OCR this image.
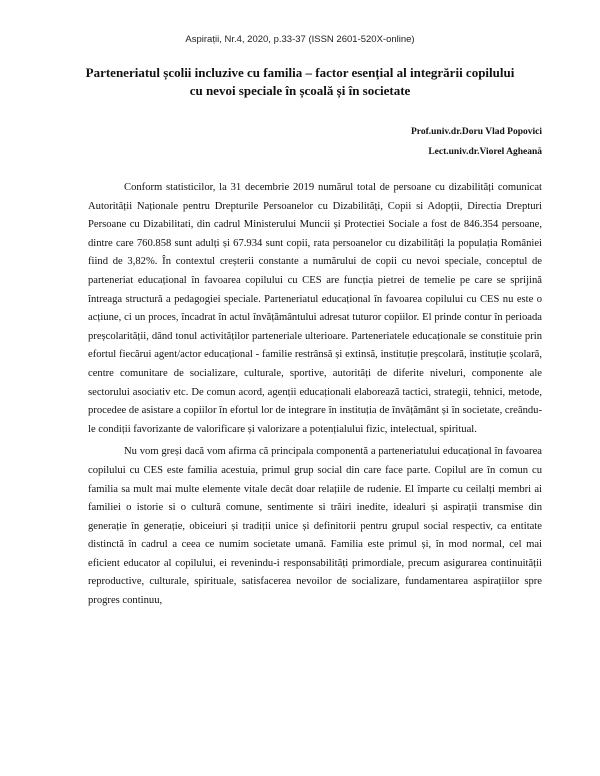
Aspirații, Nr.4, 2020, p.33-37 (ISSN 2601-520X-online)
Parteneriatul școlii incluzive cu familia – factor esențial al integrării copilului
cu nevoi speciale în școală și în societate
Prof.univ.dr.Doru Vlad Popovici
Lect.univ.dr.Viorel Agheană

Conform statisticilor, la 31 decembrie 2019 numărul total de persoane cu dizabilități comunicat Autorității Naționale pentru Drepturile Persoanelor cu Dizabilități, Copii si Adopții, Directia Drepturi Persoane cu Dizabilitati, din cadrul Ministerului Muncii și Protectiei Sociale a fost de 846.354 persoane, dintre care 760.858 sunt adulți și 67.934 sunt copii, rata persoanelor cu dizabilități la populația României fiind de 3,82%. În contextul creșterii constante a numărului de copii cu nevoi speciale, conceptul de parteneriat educațional în favoarea copilului cu CES are funcția pietrei de temelie pe care se sprijină întreaga structură a pedagogiei speciale. Parteneriatul educațional în favoarea copilului cu CES nu este o acțiune, ci un proces, încadrat în actul învățământului adresat tuturor copiilor. El prinde contur în perioada preșcolarității, dând tonul activităților parteneriale ulterioare. Parteneriatele educaționale se constituie prin efortul fiecărui agent/actor educațional - familie restrânsă și extinsă, instituție preșcolară, instituție școlară, centre comunitare de socializare, culturale, sportive, autorități de diferite niveluri, componente ale sectorului asociativ etc. De comun acord, agenții educaționali elaborează tactici, strategii, tehnici, metode, procedee de asistare a copiilor în efortul lor de integrare în instituția de învățământ și în societate, creându-le condiții favorizante de valorificare și valorizare a potențialului fizic, intelectual, spiritual.

Nu vom greși dacă vom afirma că principala componentă a parteneriatului educațional în favoarea copilului cu CES este familia acestuia, primul grup social din care face parte. Copilul are în comun cu familia sa mult mai multe elemente vitale decât doar relațiile de rudenie. El împarte cu ceilalți membri ai familiei o istorie si o cultură comune, sentimente si trăiri inedite, idealuri și aspirații transmise din generație în generație, obiceiuri și tradiții unice și definitorii pentru grupul social respectiv, ca entitate distinctă în cadrul a ceea ce numim societate umană. Familia este primul și, în mod normal, cel mai eficient educator al copilului, ei revenindu-i responsabilități primordiale, precum asigurarea continuității reproductive, culturale, spirituale, satisfacerea nevoilor de socializare, fundamentarea aspirațiilor spre progres continuu,
